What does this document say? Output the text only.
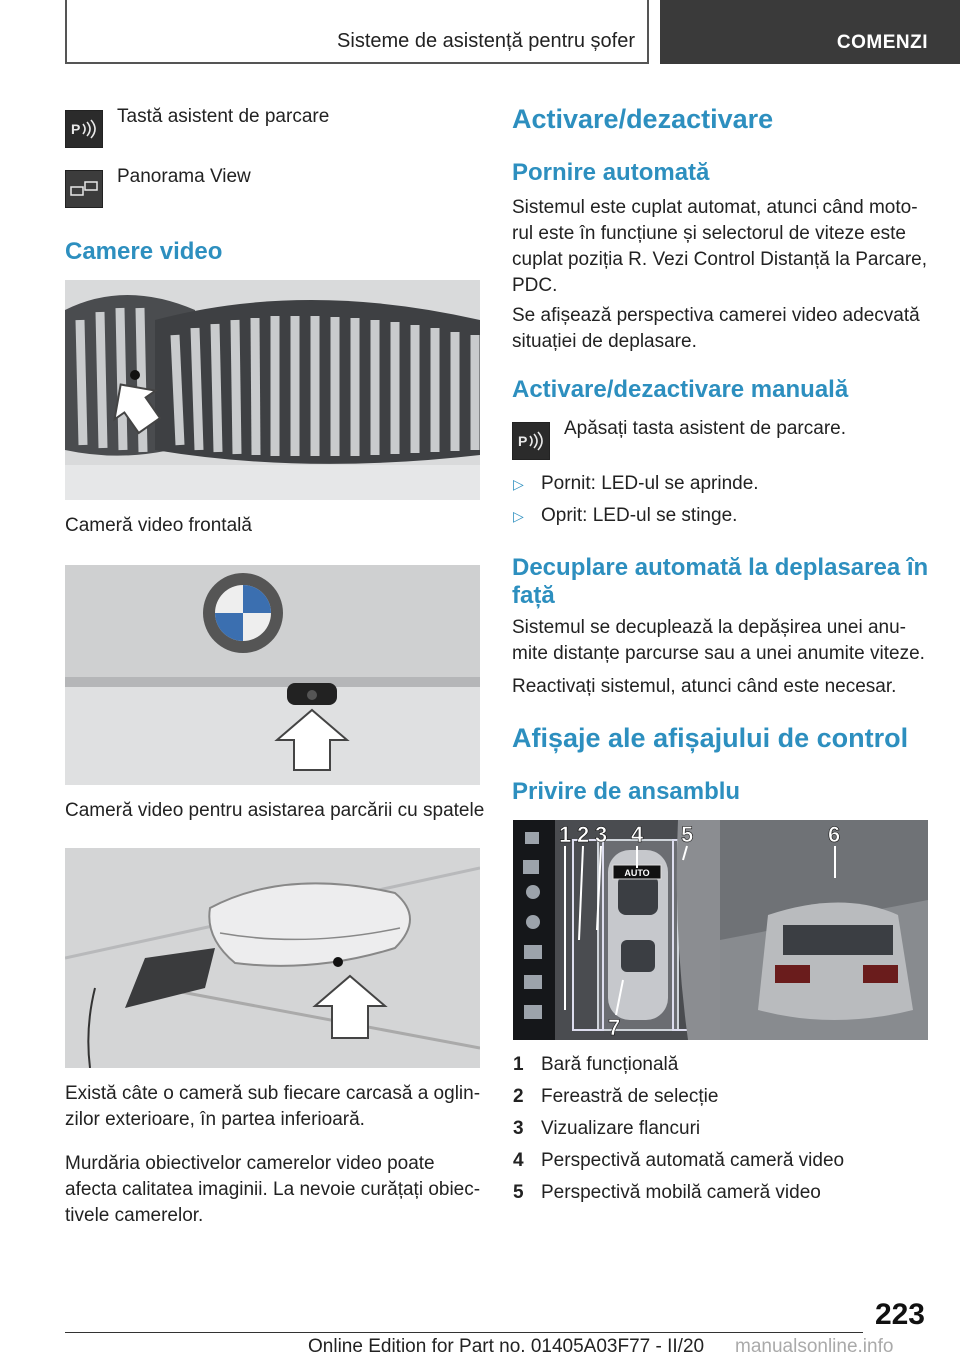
Sisteme de asistență pentru șofer	COMENZI
P
Tastă asistent de parcare
Panorama View
Camere video
Cameră video frontală
Cameră video pentru asistarea parcării cu spatele
Există câte o cameră sub fiecare carcasă a oglin-
zilor exterioare, în partea inferioară.
Murdăria obiectivelor camerelor video poate
afecta calitatea imaginii. La nevoie curățați obiec-
tivele camerelor.
Activare/dezactivare
Pornire automată
Sistemul este cuplat automat, atunci când moto-
rul este în funcțiune și selectorul de viteze este
cuplat poziția R. Vezi Control Distanță la Parcare,
PDC.
Se afișează perspectiva camerei video adecvată
situației de deplasare.
Activare/dezactivare manuală
P
Apăsați tasta asistent de parcare.
▷ Pornit: LED-ul se aprinde.
▷ Oprit: LED-ul se stinge.
Decuplare automată la deplasarea în
față
Sistemul se decuplează la depășirea unei anu-
mite distanțe parcurse sau a unei anumite viteze.
Reactivați sistemul, atunci când este necesar.
Afișaje ale afișajului de control
Privire de ansamblu
AUTO
1 2 3 4 5	6
7
1 Bară funcțională
2 Fereastră de selecție
3 Vizualizare flancuri
4 Perspectivă automată cameră video
5 Perspectivă mobilă cameră video
223
Online Edition for Part no. 01405A03F77 - II/20 manualsonline.info
